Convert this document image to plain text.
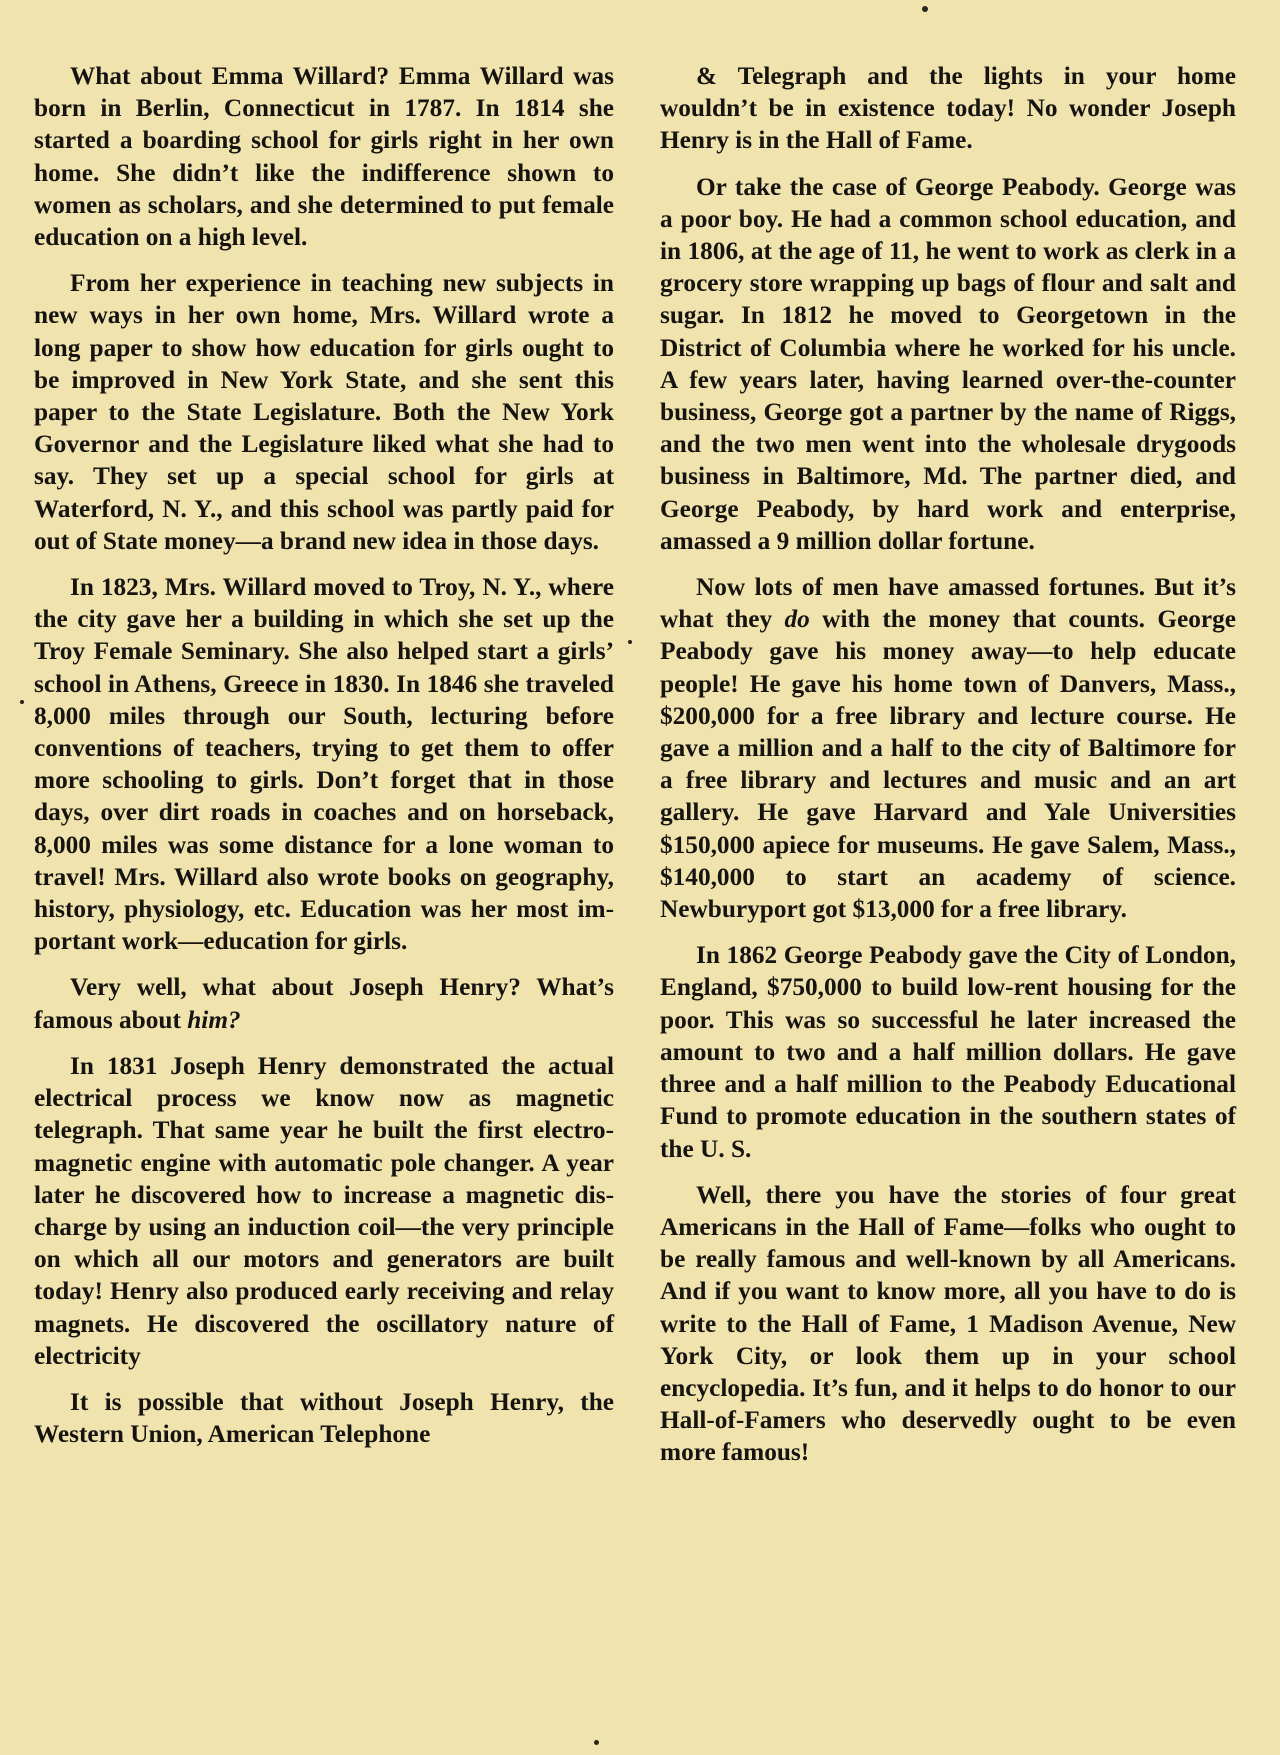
What about Emma Willard? Emma Willard was born in Berlin, Connecticut in 1787. In 1814 she started a boarding school for girls right in her own home. She didn’t like the indifference shown to women as scholars, and she determined to put female education on a high level.

From her experience in teaching new subjects in new ways in her own home, Mrs. Willard wrote a long paper to show how education for girls ought to be improved in New York State, and she sent this paper to the State Legislature. Both the New York Governor and the Legislature liked what she had to say. They set up a special school for girls at Waterford, N. Y., and this school was partly paid for out of State money—a brand new idea in those days.

In 1823, Mrs. Willard moved to Troy, N. Y., where the city gave her a building in which she set up the Troy Female Seminary. She also helped start a girls’ school in Athens, Greece in 1830. In 1846 she traveled 8,000 miles through our South, lecturing before conventions of teachers, trying to get them to offer more schooling to girls. Don’t forget that in those days, over dirt roads in coaches and on horseback, 8,000 miles was some distance for a lone woman to travel! Mrs. Willard also wrote books on geography, history, physiology, etc. Education was her most important work—education for girls.

Very well, what about Joseph Henry? What’s famous about him?

In 1831 Joseph Henry demonstrated the actual electrical process we know now as magnetic telegraph. That same year he built the first electro-magnetic engine with automatic pole changer. A year later he discovered how to increase a magnetic discharge by using an induction coil—the very principle on which all our motors and generators are built today! Henry also produced early receiving and relay magnets. He discovered the oscillatory nature of electricity

It is possible that without Joseph Henry, the Western Union, American Telephone

& Telegraph and the lights in your home wouldn’t be in existence today! No wonder Joseph Henry is in the Hall of Fame.

Or take the case of George Peabody. George was a poor boy. He had a common school education, and in 1806, at the age of 11, he went to work as clerk in a grocery store wrapping up bags of flour and salt and sugar. In 1812 he moved to Georgetown in the District of Columbia where he worked for his uncle. A few years later, having learned over-the-counter business, George got a partner by the name of Riggs, and the two men went into the wholesale drygoods business in Baltimore, Md. The partner died, and George Peabody, by hard work and enterprise, amassed a 9 million dollar fortune.

Now lots of men have amassed fortunes. But it’s what they do with the money that counts. George Peabody gave his money away—to help educate people! He gave his home town of Danvers, Mass., $200,000 for a free library and lecture course. He gave a million and a half to the city of Baltimore for a free library and lectures and music and an art gallery. He gave Harvard and Yale Universities $150,000 apiece for museums. He gave Salem, Mass., $140,000 to start an academy of science. Newburyport got $13,000 for a free library.

In 1862 George Peabody gave the City of London, England, $750,000 to build low-rent housing for the poor. This was so successful he later increased the amount to two and a half million dollars. He gave three and a half million to the Peabody Educational Fund to promote education in the southern states of the U. S.

Well, there you have the stories of four great Americans in the Hall of Fame—folks who ought to be really famous and well-known by all Americans. And if you want to know more, all you have to do is write to the Hall of Fame, 1 Madison Avenue, New York City, or look them up in your school encyclopedia. It’s fun, and it helps to do honor to our Hall-of-Famers who deservedly ought to be even more famous!
